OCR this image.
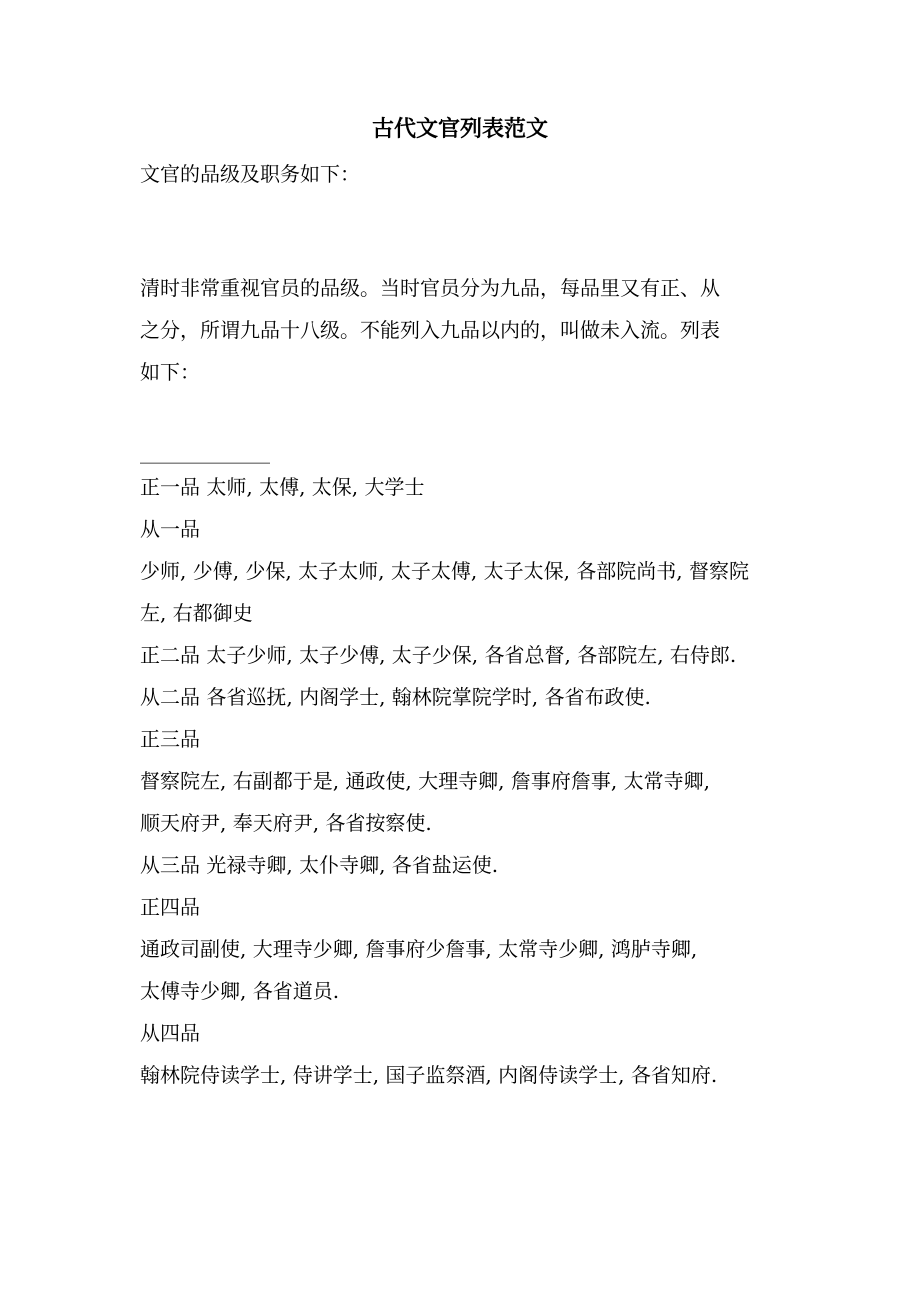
古代文官列表范文
文官的品级及职务如下：
清时非常重视官员的品级。当时官员分为九品，每品里又有正、从
之分，所谓九品十八级。不能列入九品以内的，叫做未入流。列表
如下：
_____________
正一品 太师, 太傅, 太保, 大学士
从一品
少师, 少傅, 少保, 太子太师, 太子太傅, 太子太保, 各部院尚书, 督察院
左, 右都御史
正二品 太子少师, 太子少傅, 太子少保, 各省总督, 各部院左, 右侍郎.
从二品 各省巡抚, 内阁学士, 翰林院掌院学时, 各省布政使.
正三品
督察院左, 右副都于是, 通政使, 大理寺卿, 詹事府詹事, 太常寺卿,
顺天府尹, 奉天府尹, 各省按察使.
从三品 光禄寺卿, 太仆寺卿, 各省盐运使.
正四品
通政司副使, 大理寺少卿, 詹事府少詹事, 太常寺少卿, 鸿胪寺卿,
太傅寺少卿, 各省道员.
从四品
翰林院侍读学士, 侍讲学士, 国子监祭酒, 内阁侍读学士, 各省知府.
